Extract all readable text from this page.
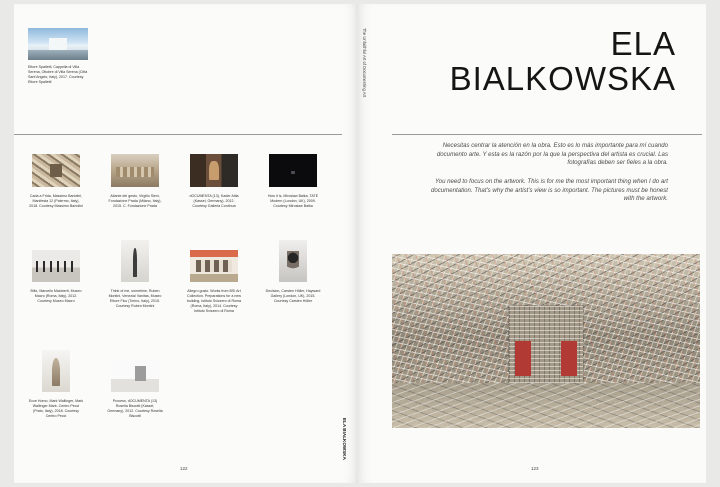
Ettore Spalletti, Cappella di Villa Serena, Ottobre di Villa Serena (Città Sant'Angelo, Italy), 2017. Courtesy Ettore Spalletti
Cada a Frida, Massimo Bartolini, Manifesta 12 (Palermo, Italy), 2018. Courtesy Massimo Bartolini
Atlante del gesto, Virgilio Sieni, Fondazione Prada (Milano, Italy), 2015. C. Fondazione Prada
dOCUMENTA (13), Kader Attia (Kassel, Germany), 2012. Courtesy Galleria Continua
How it is, Miroslaw Balka, TATE Modern (London, UK), 2009. Courtesy Miroslaw Balka
Blitz, Marcello Maloberti, Museo Macro (Roma, Italy), 2012. Courtesy Museo Macro
Think of me, sometime, Ruben Montini, Venezia/ Vanitas, Museo Ettore Fico (Torino, Italy), 2015. Courtesy Ruben Montini
Allegro gusto. Works from BSI Art Collection. Preparations for a new building, Istituto Svizzero di Roma (Roma, Italy), 2014. Courtesy Istituto Svizzero di Roma
Decision, Carsten Höller, Hayward Gallery (London, UK), 2015. Courtesy Carsten Höller
Ecce Homo, Mark Wallinger, Mark Wallinger Mark. Centro Pecci (Prato, Italy), 2018. Courtesy Centro Pecci
Process, dOCUMENTA (13) Rosella Biscotti (Kassel, Germany), 2012. Courtesy Rosella Biscotti
122
ELA BIALKOWSKA
The Unfaithful Art of Documenting Art	ELA
BIALKOWSKA

Necesitas centrar la atención en la obra. Esto es lo más importante para mí cuando documento arte. Y esta es la razón por la que la perspectiva del artista es crucial. Las fotografías deben ser fieles a la obra.

You need to focus on the artwork. This is for me the most important thing when I do art documentation. That's why the artist's view is so important. The pictures must be honest with the artwork.

123
